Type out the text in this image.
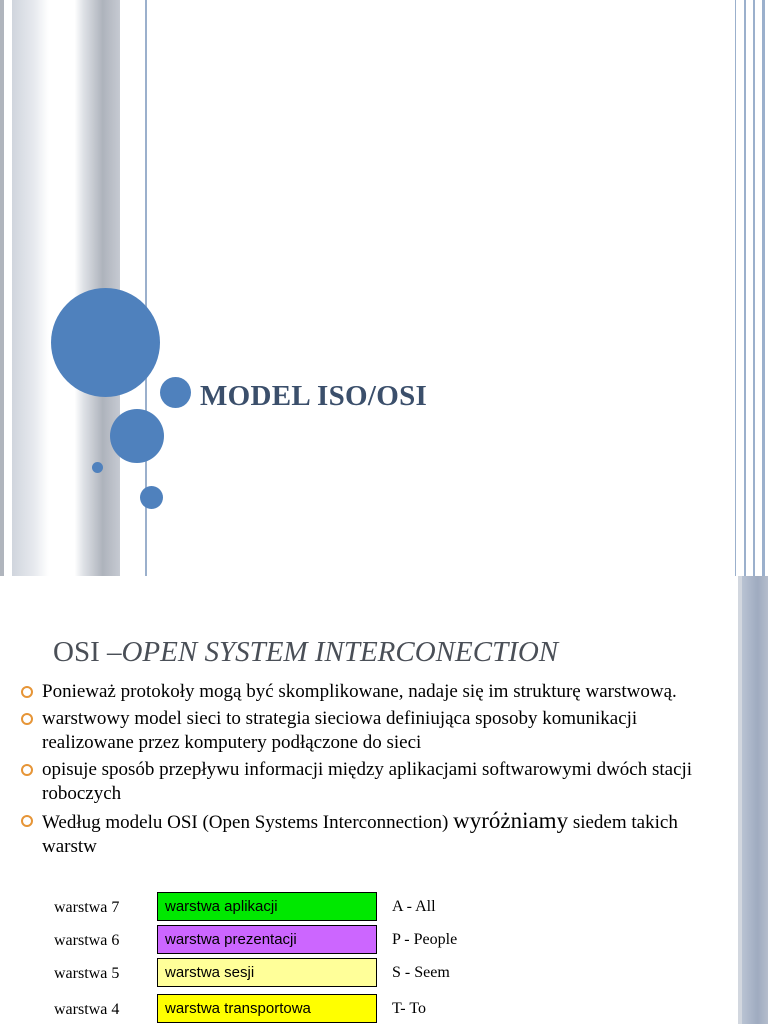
MODEL ISO/OSI
OSI –OPEN SYSTEM INTERCONECTION
Ponieważ protokoły mogą być skomplikowane, nadaje się im strukturę warstwową.
warstwowy model sieci to strategia sieciowa definiująca sposoby komunikacji realizowane przez komputery podłączone do sieci
opisuje sposób przepływu informacji między aplikacjami softwarowymi dwóch stacji roboczych
Według modelu OSI (Open Systems Interconnection) wyróżniamy siedem takich warstw
warstwa 7	warstwa aplikacji	A - All
warstwa 6	warstwa prezentacji	P - People
warstwa 5	warstwa sesji	S - Seem
warstwa 4	warstwa transportowa	T- To
